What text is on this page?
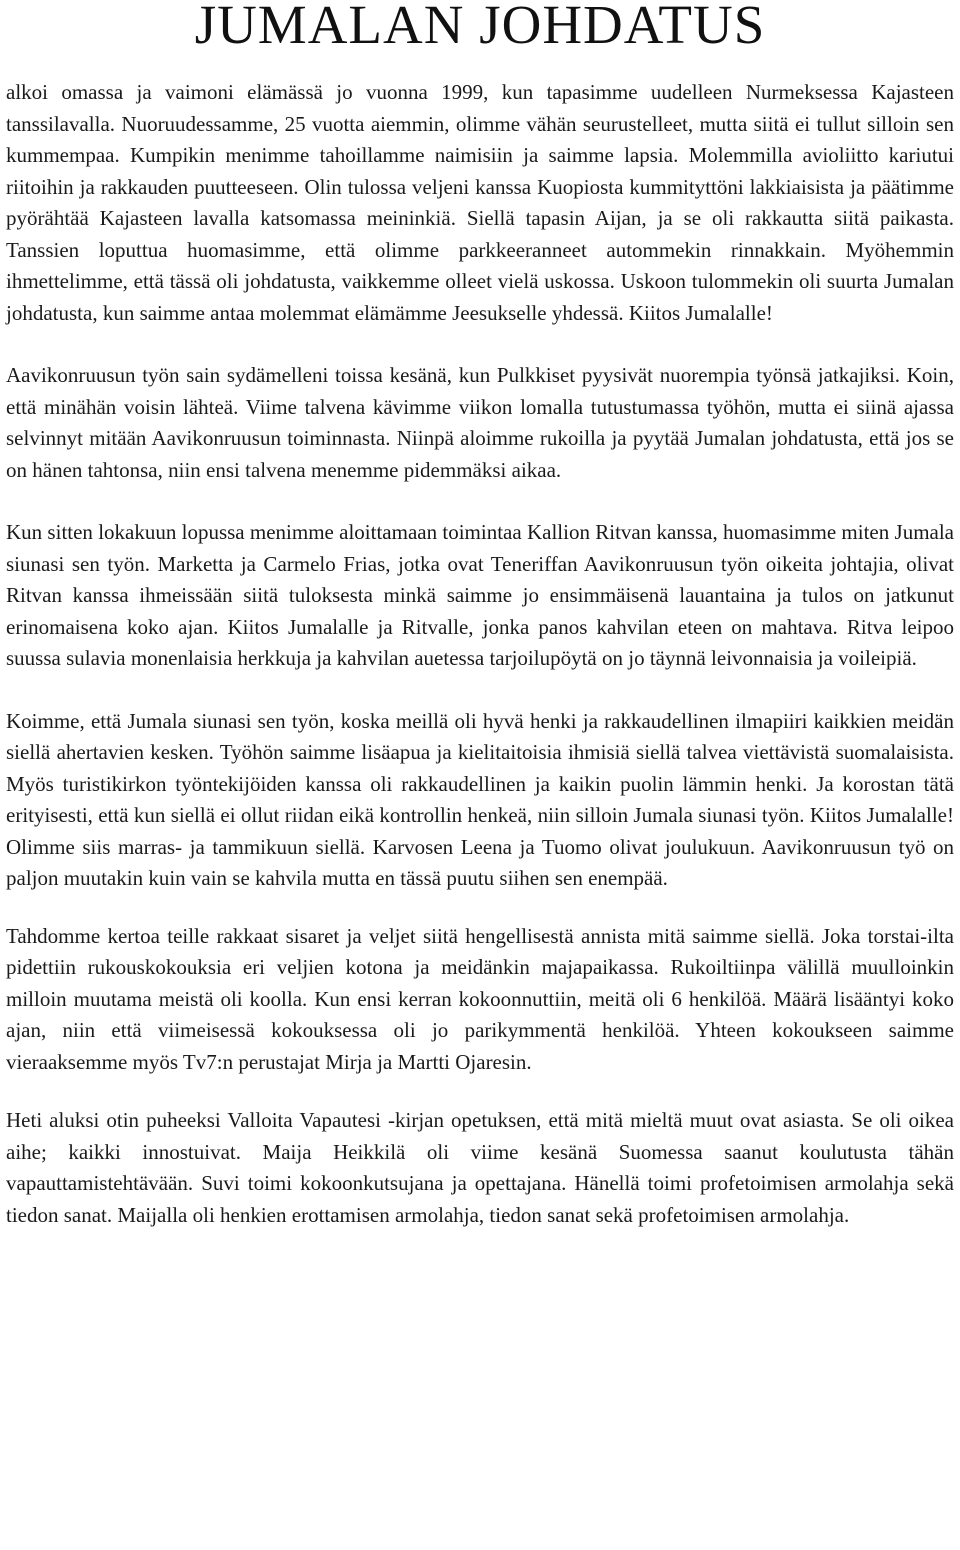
JUMALAN JOHDATUS

alkoi omassa ja vaimoni elämässä jo vuonna 1999, kun tapasimme uudelleen Nurmeksessa Kajasteen tanssilavalla. Nuoruudessamme, 25 vuotta aiemmin, olimme vähän seurustelleet, mutta siitä ei tullut silloin sen kummempaa. Kumpikin menimme tahoillamme naimisiin ja saimme lapsia. Molemmilla avioliitto kariutui riitoihin ja rakkauden puutteeseen. Olin tulossa veljeni kanssa Kuopiosta kummityttöni lakkiaisista ja päätimme pyörähtää Kajasteen lavalla katsomassa meininkiä. Siellä tapasin Aijan, ja se oli rakkautta siitä paikasta. Tanssien loputtua huomasimme, että olimme parkkeeranneet autommekin rinnakkain. Myöhemmin ihmettelimme, että tässä oli johdatusta, vaikkemme olleet vielä uskossa. Uskoon tulommekin oli suurta Jumalan johdatusta, kun saimme antaa molemmat elämämme Jeesukselle yhdessä. Kiitos Jumalalle!

Aavikonruusun työn sain sydämelleni toissa kesänä, kun Pulkkiset pyysivät nuorempia työnsä jatkajiksi. Koin, että minähän voisin lähteä. Viime talvena kävimme viikon lomalla tutustumassa työhön, mutta ei siinä ajassa selvinnyt mitään Aavikonruusun toiminnasta. Niinpä aloimme rukoilla ja pyytää Jumalan johdatusta, että jos se on hänen tahtonsa, niin ensi talvena menemme pidemmäksi aikaa.

Kun sitten lokakuun lopussa menimme aloittamaan toimintaa Kallion Ritvan kanssa, huomasimme miten Jumala siunasi sen työn. Marketta ja Carmelo Frias, jotka ovat Teneriffan Aavikonruusun työn oikeita johtajia, olivat Ritvan kanssa ihmeissään siitä tuloksesta minkä saimme jo ensimmäisenä lauantaina ja tulos on jatkunut erinomaisena koko ajan. Kiitos Jumalalle ja Ritvalle, jonka panos kahvilan eteen on mahtava. Ritva leipoo suussa sulavia monenlaisia herkkuja ja kahvilan auetessa tarjoilupöytä on jo täynnä leivonnaisia ja voileipiä.

Koimme, että Jumala siunasi sen työn, koska meillä oli hyvä henki ja rakkaudellinen ilmapiiri kaikkien meidän siellä ahertavien kesken. Työhön saimme lisäapua ja kielitaitoisia ihmisiä siellä talvea viettävistä suomalaisista. Myös turistikirkon työntekijöiden kanssa oli rakkaudellinen ja kaikin puolin lämmin henki. Ja korostan tätä erityisesti, että kun siellä ei ollut riidan eikä kontrollin henkeä, niin silloin Jumala siunasi työn. Kiitos Jumalalle! Olimme siis marras- ja tammikuun siellä. Karvosen Leena ja Tuomo olivat joulukuun. Aavikonruusun työ on paljon muutakin kuin vain se kahvila mutta en tässä puutu siihen sen enempää.

Tahdomme kertoa teille rakkaat sisaret ja veljet siitä hengellisestä annista mitä saimme siellä. Joka torstai-ilta pidettiin rukouskokouksia eri veljien kotona ja meidänkin majapaikassa. Rukoiltiinpa välillä muulloinkin milloin muutama meistä oli koolla. Kun ensi kerran kokoonnuttiin, meitä oli 6 henkilöä. Määrä lisääntyi koko ajan, niin että viimeisessä kokouksessa oli jo parikymmentä henkilöä. Yhteen kokoukseen saimme vieraaksemme myös Tv7:n perustajat Mirja ja Martti Ojaresin.

Heti aluksi otin puheeksi Valloita Vapautesi -kirjan opetuksen, että mitä mieltä muut ovat asiasta. Se oli oikea aihe; kaikki innostuivat. Maija Heikkilä oli viime kesänä Suomessa saanut koulutusta tähän vapauttamistehtävään. Suvi toimi kokoonkutsujana ja opettajana. Hänellä toimi profetoimisen armolahja sekä tiedon sanat. Maijalla oli henkien erottamisen armolahja, tiedon sanat sekä profetoimisen armolahja.
